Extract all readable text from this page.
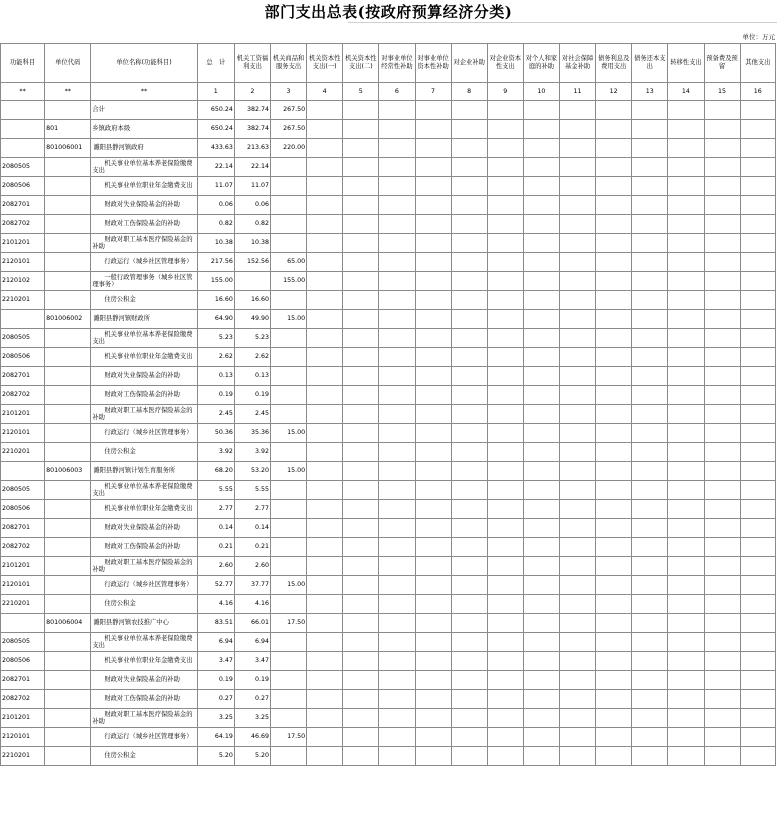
部门支出总表(按政府预算经济分类)
单位：万元
功能科目	单位代码	单位名称(功能科目)	总　计	机关工资福利支出	机关商品和服务支出	机关资本性支出(一)	机关资本性支出(二)	对事业单位经常性补助	对事业单位资本性补助	对企业补助	对企业资本性支出	对个人和家庭的补助	对社会保障基金补助	债务利息及费用支出	债务还本支出	转移性支出	预备费及预留	其他支出
**	**	**	1	2	3	4	5	6	7	8	9	10	11	12	13	14	15	16
		合计	650.24	382.74	267.50													
	801	乡镇政府本级	650.24	382.74	267.50													
	801006001	濉阳县静河镇政府	433.63	213.63	220.00													
2080505		机关事业单位基本养老保险缴费支出	22.14	22.14														
2080506		机关事业单位职业年金缴费支出	11.07	11.07														
2082701		财政对失业保险基金的补助	0.06	0.06														
2082702		财政对工伤保险基金的补助	0.82	0.82														
2101201		财政对职工基本医疗保险基金的补助	10.38	10.38														
2120101		行政运行（城乡社区管理事务）	217.56	152.56	65.00													
2120102		一般行政管理事务（城乡社区管理事务）	155.00		155.00													
2210201		住房公积金	16.60	16.60														
	801006002	濉阳县静河镇财政所	64.90	49.90	15.00													
2080505		机关事业单位基本养老保险缴费支出	5.23	5.23														
2080506		机关事业单位职业年金缴费支出	2.62	2.62														
2082701		财政对失业保险基金的补助	0.13	0.13														
2082702		财政对工伤保险基金的补助	0.19	0.19														
2101201		财政对职工基本医疗保险基金的补助	2.45	2.45														
2120101		行政运行（城乡社区管理事务）	50.36	35.36	15.00													
2210201		住房公积金	3.92	3.92														
	801006003	濉阳县静河镇计划生育服务所	68.20	53.20	15.00													
2080505		机关事业单位基本养老保险缴费支出	5.55	5.55														
2080506		机关事业单位职业年金缴费支出	2.77	2.77														
2082701		财政对失业保险基金的补助	0.14	0.14														
2082702		财政对工伤保险基金的补助	0.21	0.21														
2101201		财政对职工基本医疗保险基金的补助	2.60	2.60														
2120101		行政运行（城乡社区管理事务）	52.77	37.77	15.00													
2210201		住房公积金	4.16	4.16														
	801006004	濉阳县静河镇农技推广中心	83.51	66.01	17.50													
2080505		机关事业单位基本养老保险缴费支出	6.94	6.94														
2080506		机关事业单位职业年金缴费支出	3.47	3.47														
2082701		财政对失业保险基金的补助	0.19	0.19														
2082702		财政对工伤保险基金的补助	0.27	0.27														
2101201		财政对职工基本医疗保险基金的补助	3.25	3.25														
2120101		行政运行（城乡社区管理事务）	64.19	46.69	17.50													
2210201		住房公积金	5.20	5.20														
